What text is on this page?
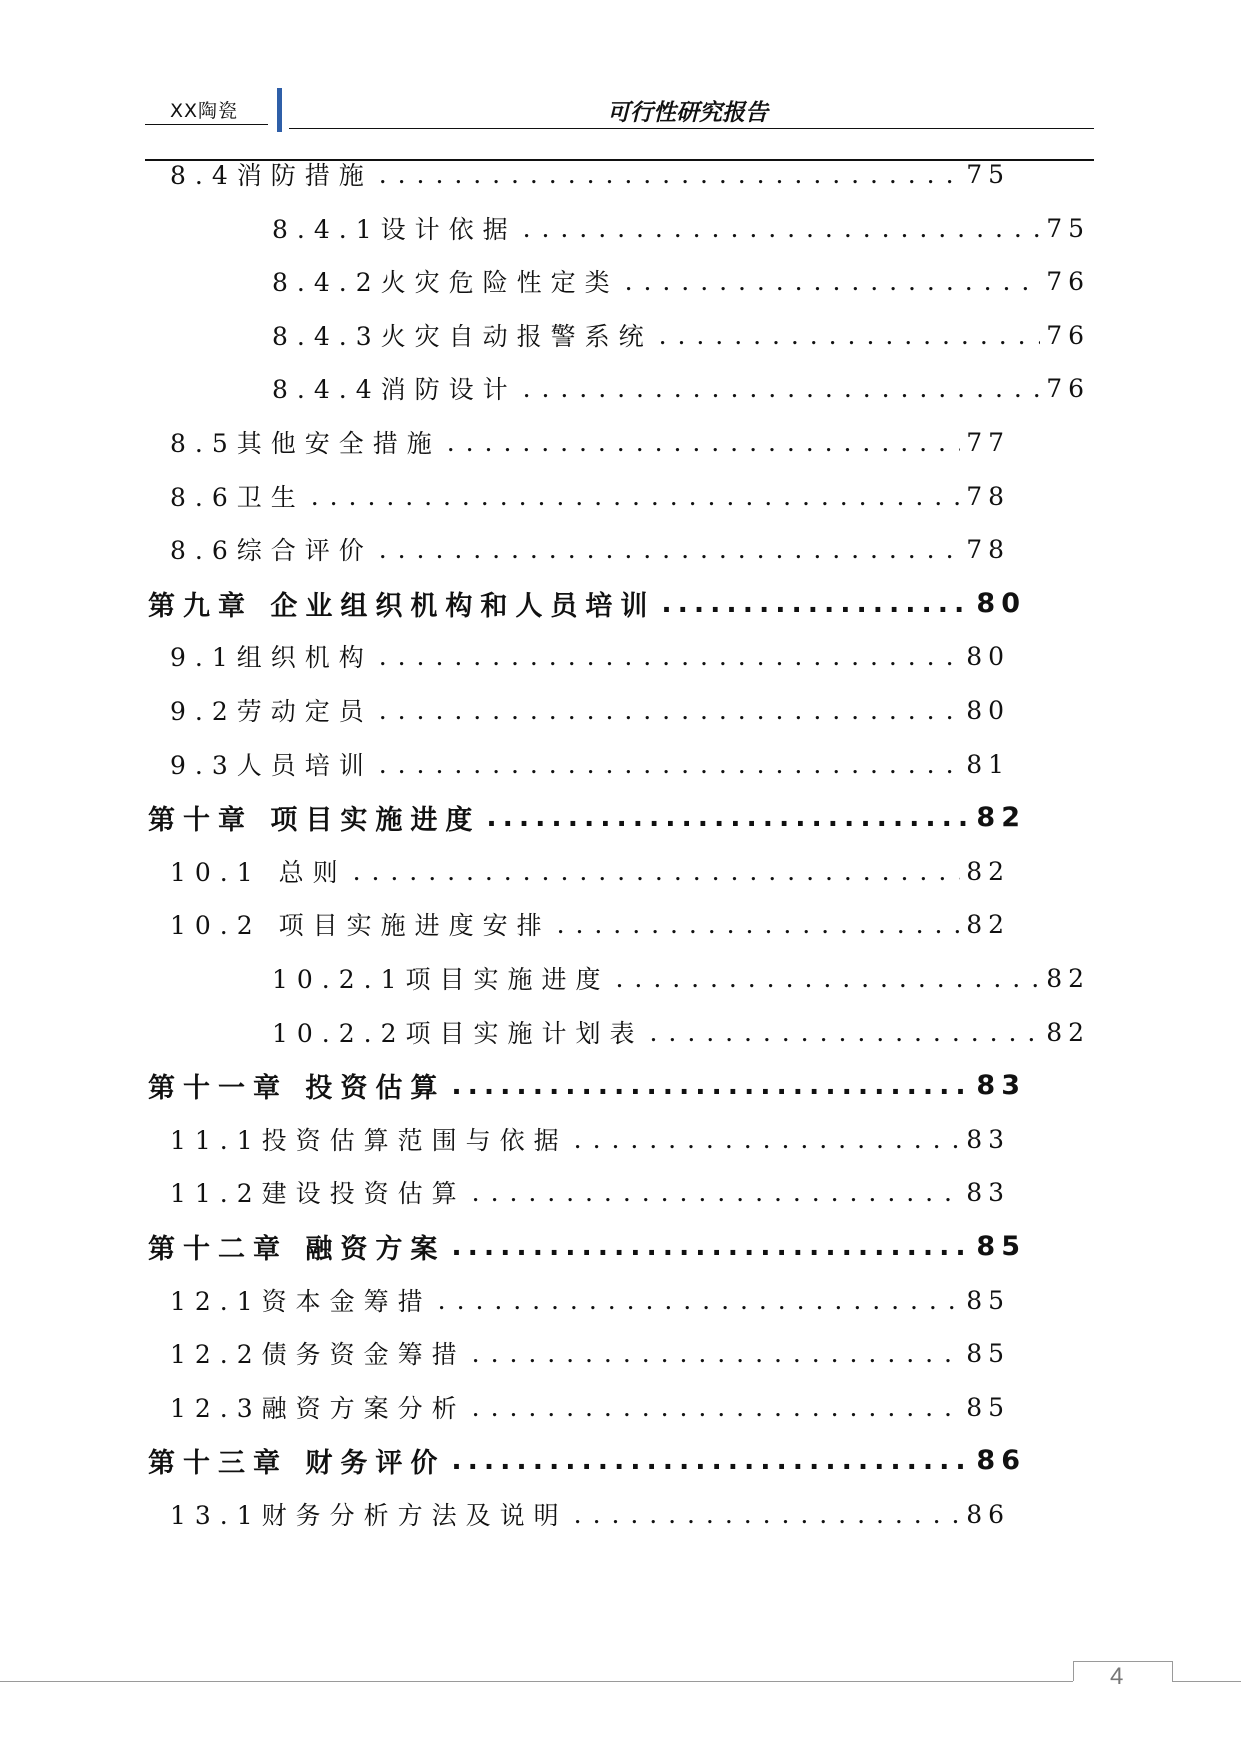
XX陶瓷	可行性研究报告
8.4消防措施 . . .	75
8.4.1设计依据 . . .	75
8.4.2火灾危险性定类 . . .	76
8.4.3火灾自动报警系统 . . .	76
8.4.4消防设计 . . .	76
8.5其他安全措施 . . .	77
8.6卫生 . . .	78
8.6综合评价 . . .	78
第九章 企业组织机构和人员培训 .....	80
9.1组织机构 . . .	80
9.2劳动定员 . . .	80
9.3人员培训 . . .	81
第十章 项目实施进度 .....	82
10.1 总则 . . .	82
10.2 项目实施进度安排 . . .	82
10.2.1项目实施进度 . . .	82
10.2.2项目实施计划表 . . .	82
第十一章 投资估算 .....	83
11.1投资估算范围与依据 . . .	83
11.2建设投资估算 . . .	83
第十二章 融资方案 .....	85
12.1资本金筹措 . . .	85
12.2债务资金筹措 . . .	85
12.3融资方案分析 . . .	85
第十三章 财务评价 .....	86
13.1财务分析方法及说明 . . .	86
4
